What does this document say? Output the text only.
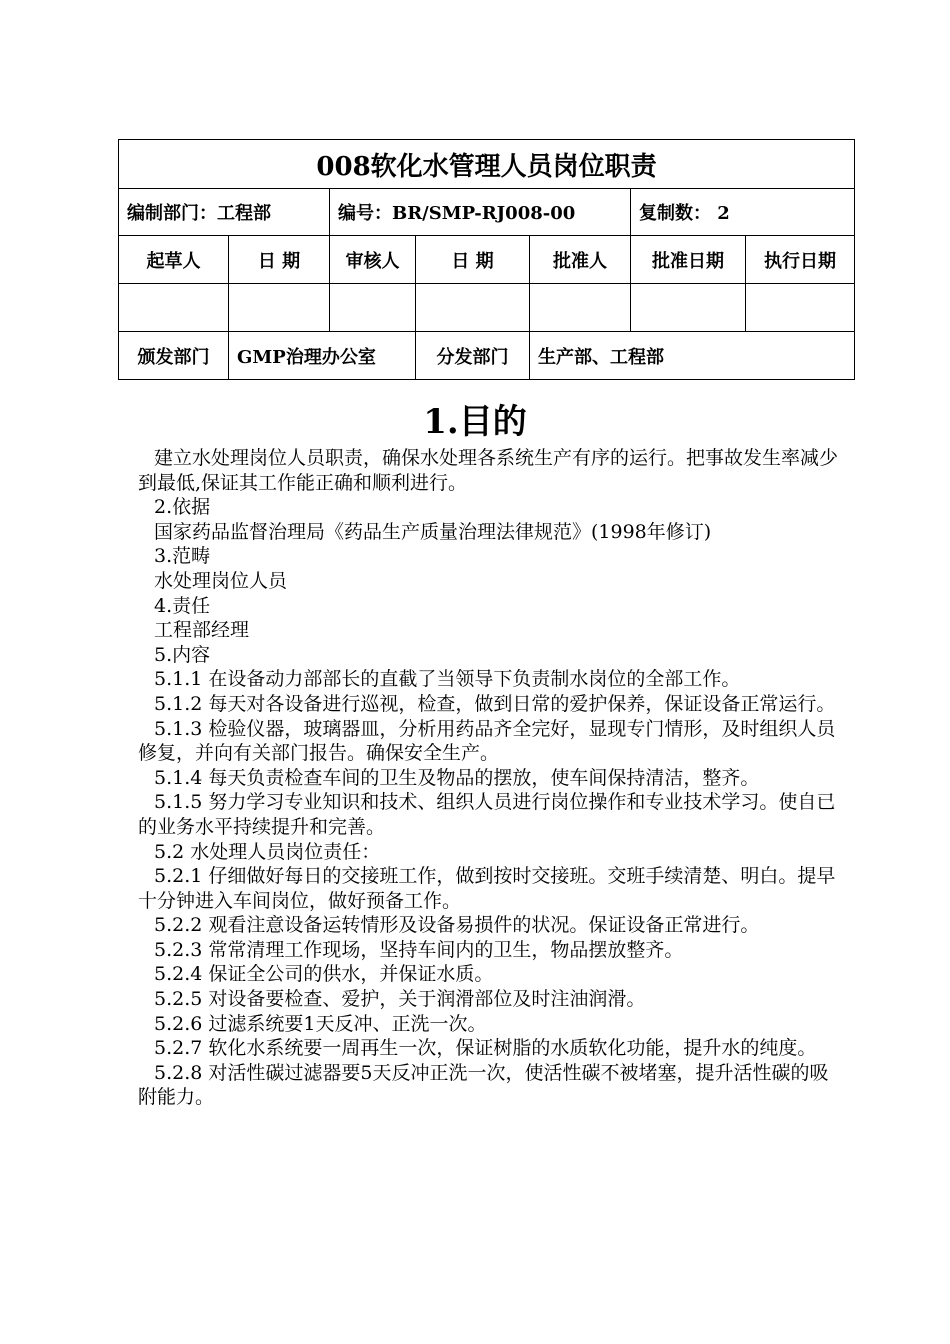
008软化水管理人员岗位职责						
编制部门：工程部		编号：BR/SMP-RJ008-00			复制数： 2	
起草人	日 期	审核人	日 期	批准人	批准日期	执行日期

颁发部门	GMP治理办公室		分发部门	生产部、工程部		
1.目的

建立水处理岗位人员职责，确保水处理各系统生产有序的运行。把事故发生率减少到最低,保证其工作能正确和顺利进行。

2.依据

国家药品监督治理局《药品生产质量治理法律规范》(1998年修订)

3.范畴

水处理岗位人员

4.责任

工程部经理

5.内容

5.1.1 在设备动力部部长的直截了当领导下负责制水岗位的全部工作。

5.1.2 每天对各设备进行巡视，检查，做到日常的爱护保养，保证设备正常运行。

5.1.3 检验仪器，玻璃器皿，分析用药品齐全完好，显现专门情形，及时组织人员修复，并向有关部门报告。确保安全生产。

5.1.4 每天负责检查车间的卫生及物品的摆放，使车间保持清洁，整齐。

5.1.5 努力学习专业知识和技术、组织人员进行岗位操作和专业技术学习。使自已的业务水平持续提升和完善。

5.2 水处理人员岗位责任：

5.2.1 仔细做好每日的交接班工作，做到按时交接班。交班手续清楚、明白。提早十分钟进入车间岗位，做好预备工作。

5.2.2 观看注意设备运转情形及设备易损件的状况。保证设备正常进行。

5.2.3 常常清理工作现场，坚持车间内的卫生，物品摆放整齐。

5.2.4 保证全公司的供水，并保证水质。

5.2.5 对设备要检查、爱护，关于润滑部位及时注油润滑。

5.2.6 过滤系统要1天反冲、正洗一次。

5.2.7 软化水系统要一周再生一次，保证树脂的水质软化功能，提升水的纯度。

5.2.8 对活性碳过滤器要5天反冲正洗一次，使活性碳不被堵塞，提升活性碳的吸附能力。
